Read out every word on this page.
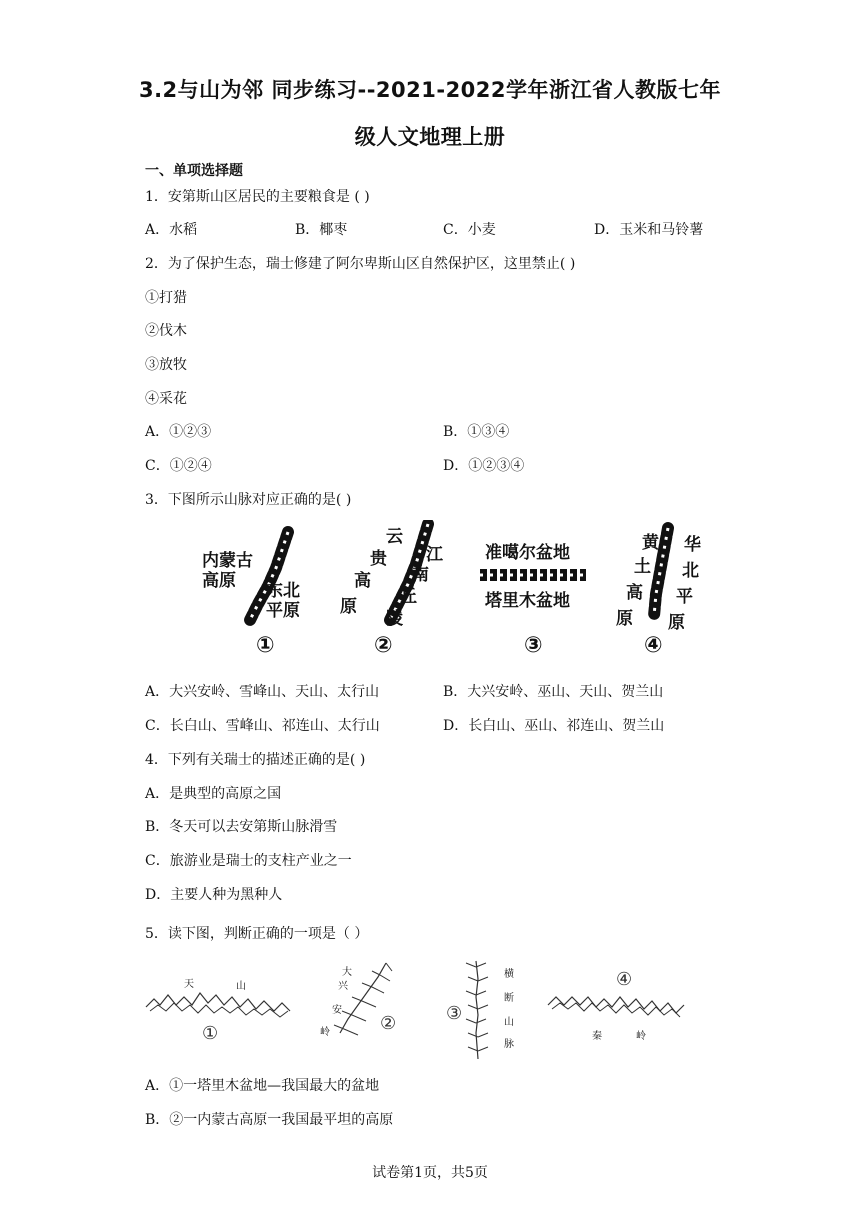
3.2与山为邻 同步练习--2021-2022学年浙江省人教版七年
级人文地理上册
一、单项选择题
1．安第斯山区居民的主要粮食是 ( )
A．水稻	B．椰枣	C．小麦	D．玉米和马铃薯
2．为了保护生态，瑞士修建了阿尔卑斯山区自然保护区，这里禁止( )
①打猎
②伐木
③放牧
④采花
A．①②③	B．①③④
C．①②④	D．①②③④
3．下图所示山脉对应正确的是( )
内蒙古
高原 东北
平原
①
云
贵
高
原
江
南
丘
陵
②
准噶尔盆地
塔里木盆地
③
黄
土
高
原
华
北
平
原
④
A．大兴安岭、雪峰山、天山、太行山	B．大兴安岭、巫山、天山、贺兰山
C．长白山、雪峰山、祁连山、太行山	D．长白山、巫山、祁连山、贺兰山
4．下列有关瑞士的描述正确的是( )
A．是典型的高原之国
B．冬天可以去安第斯山脉滑雪
C．旅游业是瑞士的支柱产业之一
D．主要人种为黑种人
5．读下图，判断正确的一项是（ ）
天	山
①
大
兴
安
岭	②
横
断
山
脉
③
秦	岭
④
A．①一塔里木盆地—我国最大的盆地
B．②一内蒙古高原一我国最平坦的高原
试卷第1页，共5页
